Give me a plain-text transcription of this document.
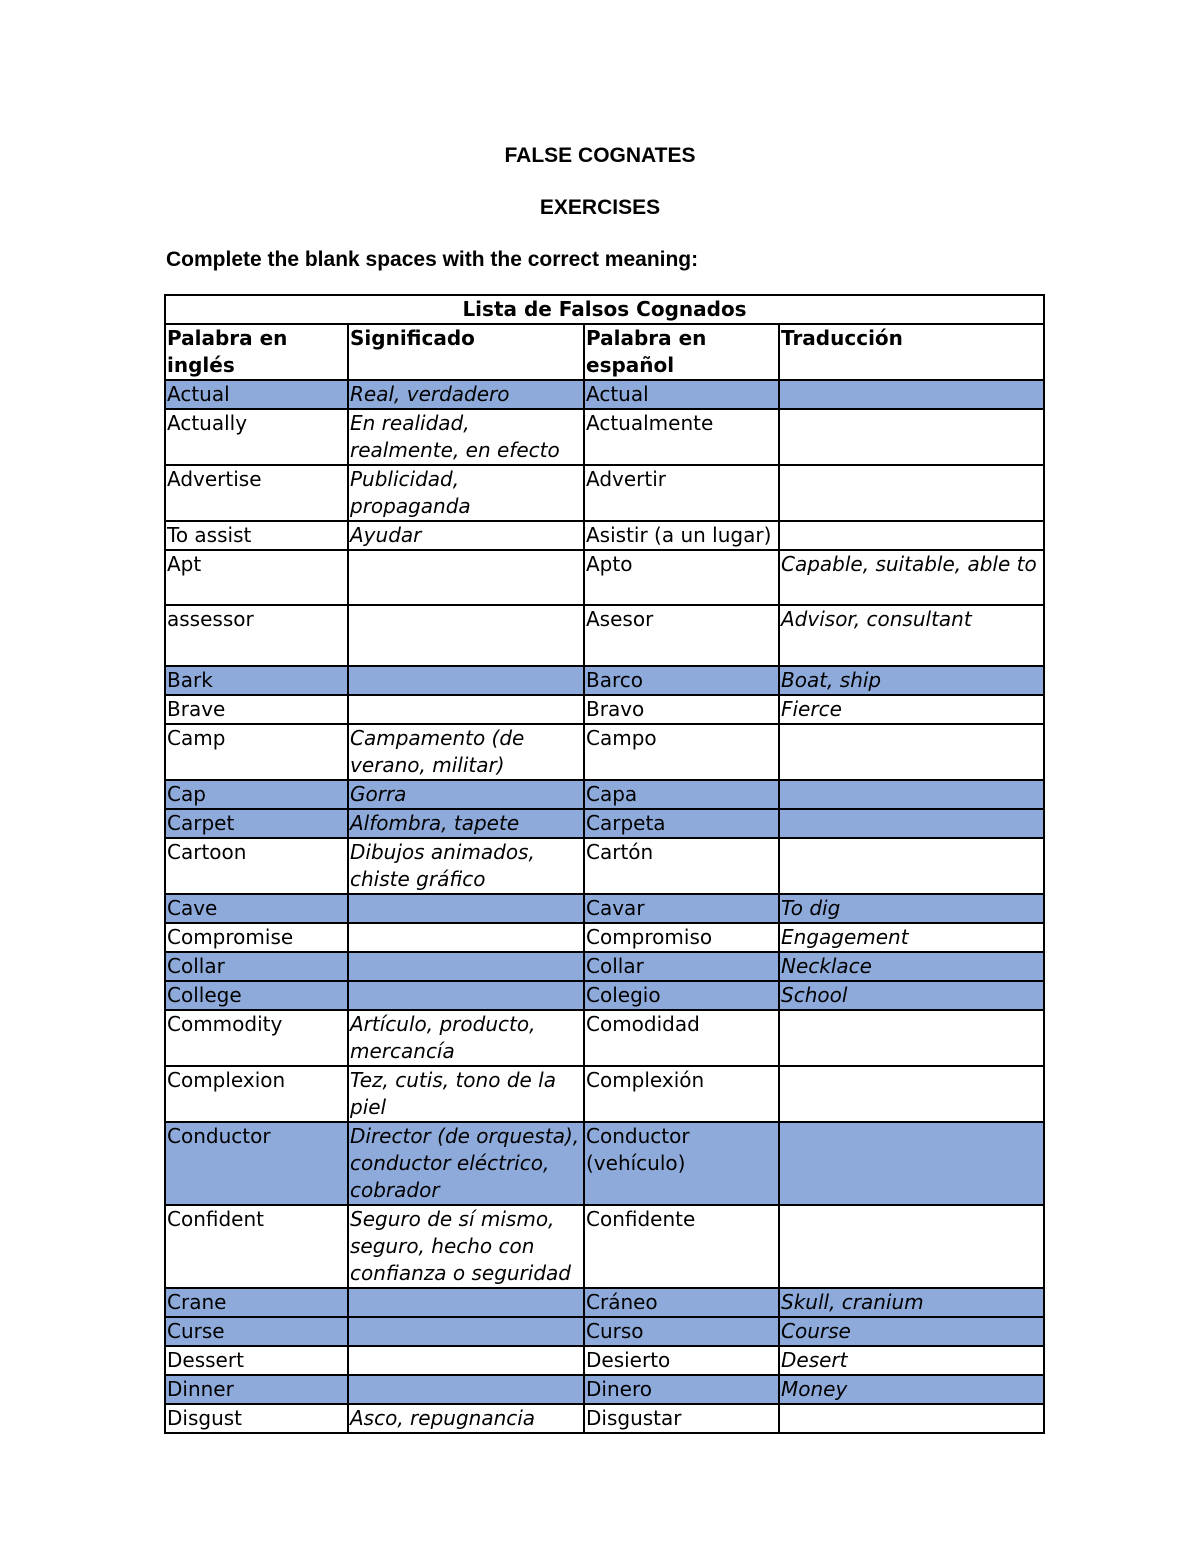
FALSE COGNATES
EXERCISES
Complete the blank spaces with the correct meaning:
Lista de Falsos Cognados			
Palabra en inglés	Significado	Palabra en español	Traducción
Actual	Real, verdadero	Actual	
Actually	En realidad, realmente, en efecto	Actualmente	
Advertise	Publicidad, propaganda	Advertir	
To assist	Ayudar	Asistir (a un lugar)	
Apt		Apto	Capable, suitable, able to
assessor		Asesor	Advisor, consultant
Bark		Barco	Boat, ship
Brave		Bravo	Fierce
Camp	Campamento (de verano, militar)	Campo	
Cap	Gorra	Capa	
Carpet	Alfombra, tapete	Carpeta	
Cartoon	Dibujos animados, chiste gráfico	Cartón	
Cave		Cavar	To dig
Compromise		Compromiso	Engagement
Collar		Collar	Necklace
College		Colegio	School
Commodity	Artículo, producto, mercancía	Comodidad	
Complexion	Tez, cutis, tono de la piel	Complexión	
Conductor	Director (de orquesta), conductor eléctrico, cobrador	Conductor (vehículo)	
Confident	Seguro de sí mismo, seguro, hecho con confianza o seguridad	Confidente	
Crane		Cráneo	Skull, cranium
Curse		Curso	Course
Dessert		Desierto	Desert
Dinner		Dinero	Money
Disgust	Asco, repugnancia	Disgustar	
